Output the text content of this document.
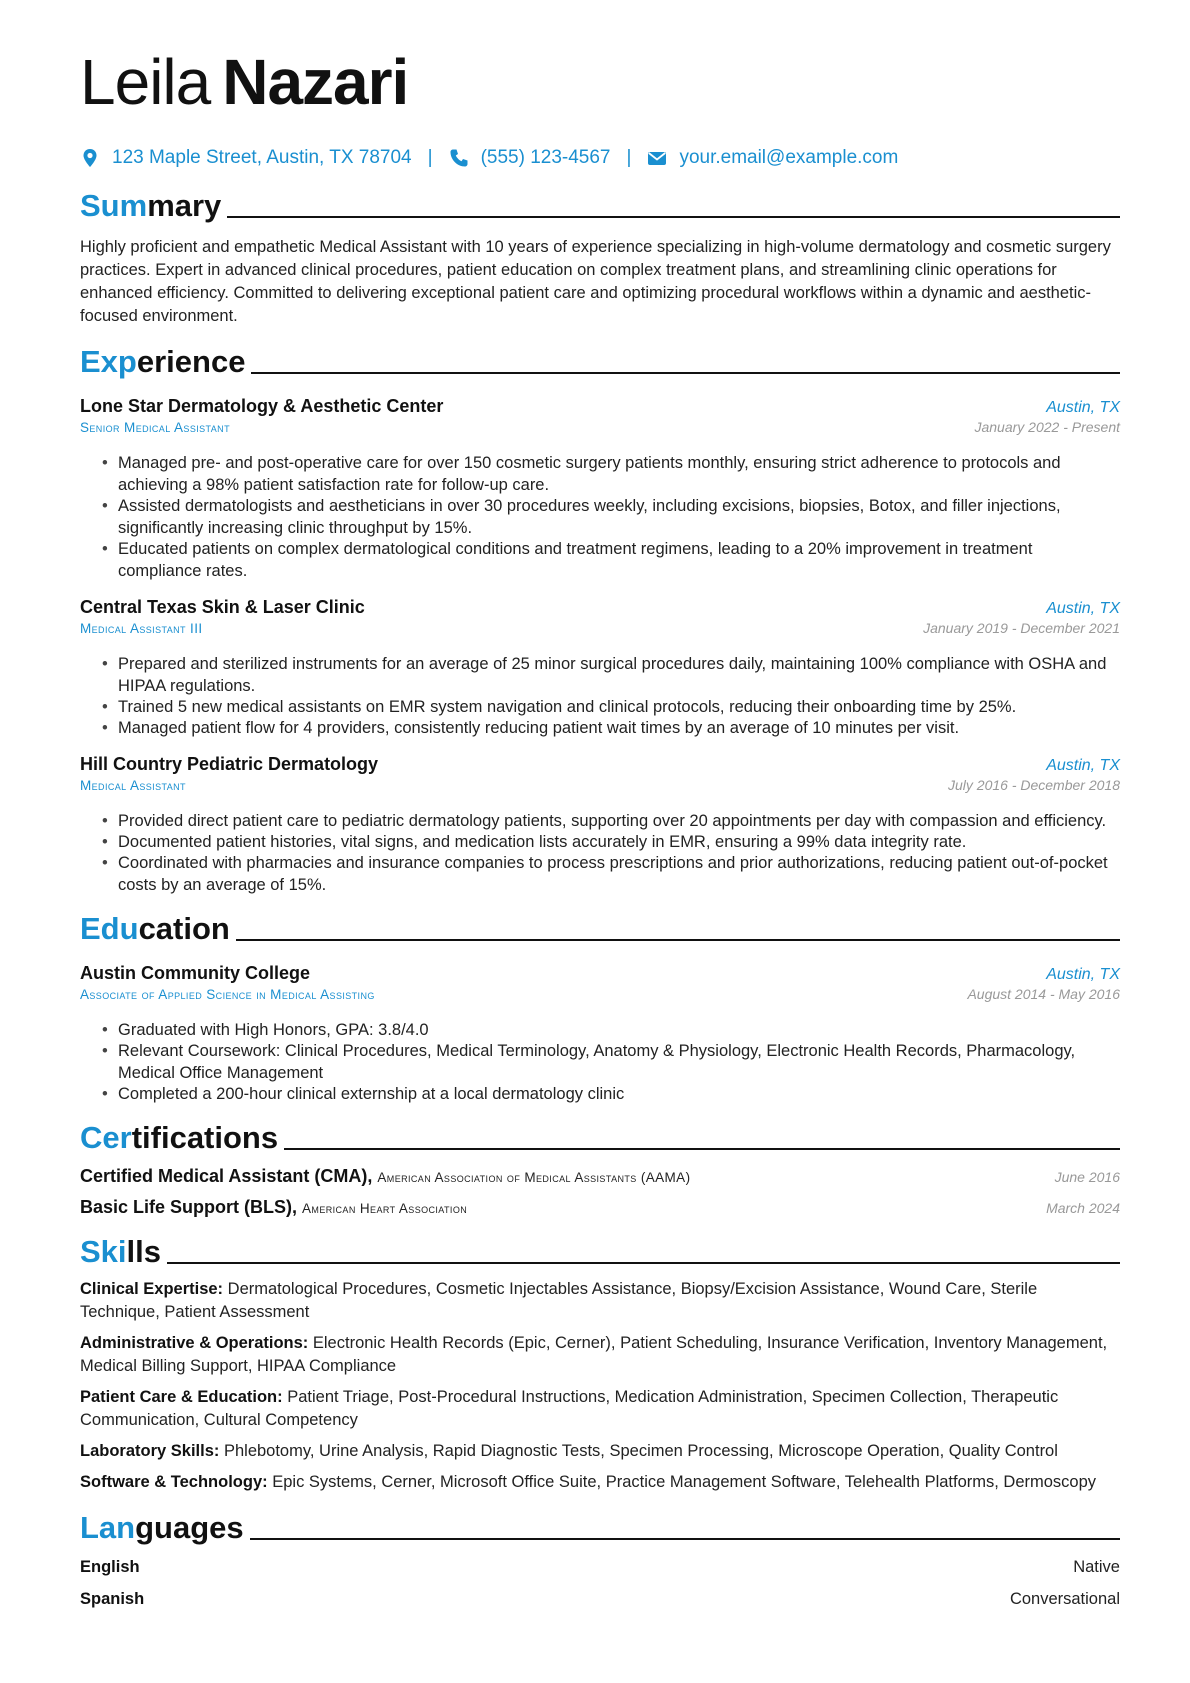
Leila Nazari
123 Maple Street, Austin, TX 78704 |	(555) 123-4567 |	your.email@example.com
Summary
Highly proficient and empathetic Medical Assistant with 10 years of experience specializing in high-volume dermatology and cosmetic surgery practices. Expert in advanced clinical procedures, patient education on complex treatment plans, and streamlining clinic operations for enhanced efficiency. Committed to delivering exceptional patient care and optimizing procedural workflows within a dynamic and aesthetic-focused environment.
Experience
Lone Star Dermatology & Aesthetic Center	Austin, TX
Senior Medical Assistant	January 2022 - Present
• Managed pre- and post-operative care for over 150 cosmetic surgery patients monthly, ensuring strict adherence to protocols and achieving a 98% patient satisfaction rate for follow-up care.
• Assisted dermatologists and aestheticians in over 30 procedures weekly, including excisions, biopsies, Botox, and filler injections, significantly increasing clinic throughput by 15%.
• Educated patients on complex dermatological conditions and treatment regimens, leading to a 20% improvement in treatment compliance rates.
Central Texas Skin & Laser Clinic	Austin, TX
Medical Assistant III	January 2019 - December 2021
• Prepared and sterilized instruments for an average of 25 minor surgical procedures daily, maintaining 100% compliance with OSHA and HIPAA regulations.
• Trained 5 new medical assistants on EMR system navigation and clinical protocols, reducing their onboarding time by 25%.
• Managed patient flow for 4 providers, consistently reducing patient wait times by an average of 10 minutes per visit.
Hill Country Pediatric Dermatology	Austin, TX
Medical Assistant	July 2016 - December 2018
• Provided direct patient care to pediatric dermatology patients, supporting over 20 appointments per day with compassion and efficiency.
• Documented patient histories, vital signs, and medication lists accurately in EMR, ensuring a 99% data integrity rate.
• Coordinated with pharmacies and insurance companies to process prescriptions and prior authorizations, reducing patient out-of-pocket costs by an average of 15%.
Education
Austin Community College	Austin, TX
Associate of Applied Science in Medical Assisting	August 2014 - May 2016
• Graduated with High Honors, GPA: 3.8/4.0
• Relevant Coursework: Clinical Procedures, Medical Terminology, Anatomy & Physiology, Electronic Health Records, Pharmacology, Medical Office Management
• Completed a 200-hour clinical externship at a local dermatology clinic
Certifications
Certified Medical Assistant (CMA), American Association of Medical Assistants (AAMA)	June 2016
Basic Life Support (BLS), American Heart Association	March 2024
Skills
Clinical Expertise: Dermatological Procedures, Cosmetic Injectables Assistance, Biopsy/Excision Assistance, Wound Care, Sterile Technique, Patient Assessment
Administrative & Operations: Electronic Health Records (Epic, Cerner), Patient Scheduling, Insurance Verification, Inventory Management, Medical Billing Support, HIPAA Compliance
Patient Care & Education: Patient Triage, Post-Procedural Instructions, Medication Administration, Specimen Collection, Therapeutic Communication, Cultural Competency
Laboratory Skills: Phlebotomy, Urine Analysis, Rapid Diagnostic Tests, Specimen Processing, Microscope Operation, Quality Control
Software & Technology: Epic Systems, Cerner, Microsoft Office Suite, Practice Management Software, Telehealth Platforms, Dermoscopy
Languages
English	Native
Spanish	Conversational
